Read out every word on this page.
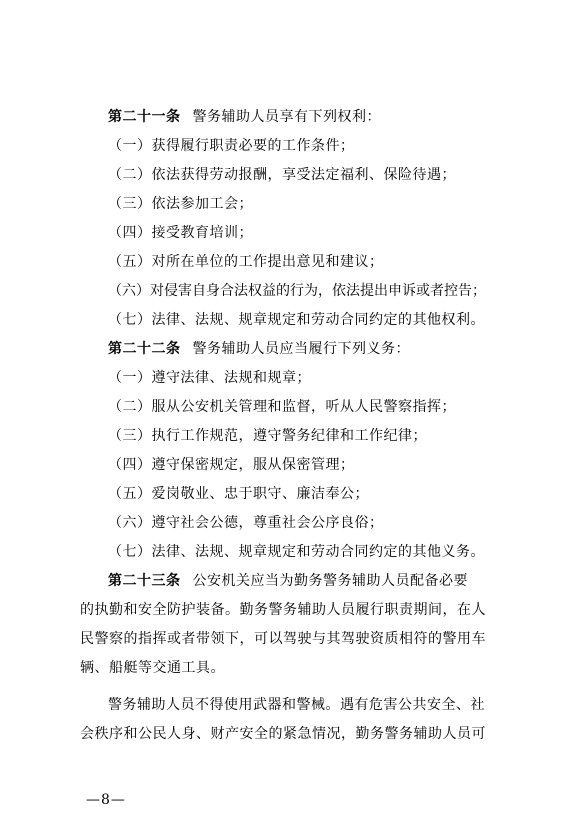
第二十一条 警务辅助人员享有下列权利：
（一）获得履行职责必要的工作条件；
（二）依法获得劳动报酬，享受法定福利、保险待遇；
（三）依法参加工会；
（四）接受教育培训；
（五）对所在单位的工作提出意见和建议；
（六）对侵害自身合法权益的行为，依法提出申诉或者控告；
（七）法律、法规、规章规定和劳动合同约定的其他权利。
第二十二条 警务辅助人员应当履行下列义务：
（一）遵守法律、法规和规章；
（二）服从公安机关管理和监督，听从人民警察指挥；
（三）执行工作规范，遵守警务纪律和工作纪律；
（四）遵守保密规定，服从保密管理；
（五）爱岗敬业、忠于职守、廉洁奉公；
（六）遵守社会公德，尊重社会公序良俗；
（七）法律、法规、规章规定和劳动合同约定的其他义务。
第二十三条 公安机关应当为勤务警务辅助人员配备必要
的执勤和安全防护装备。勤务警务辅助人员履行职责期间，在人
民警察的指挥或者带领下，可以驾驶与其驾驶资质相符的警用车
辆、船艇等交通工具。
警务辅助人员不得使用武器和警械。遇有危害公共安全、社
会秩序和公民人身、财产安全的紧急情况，勤务警务辅助人员可
—8—
